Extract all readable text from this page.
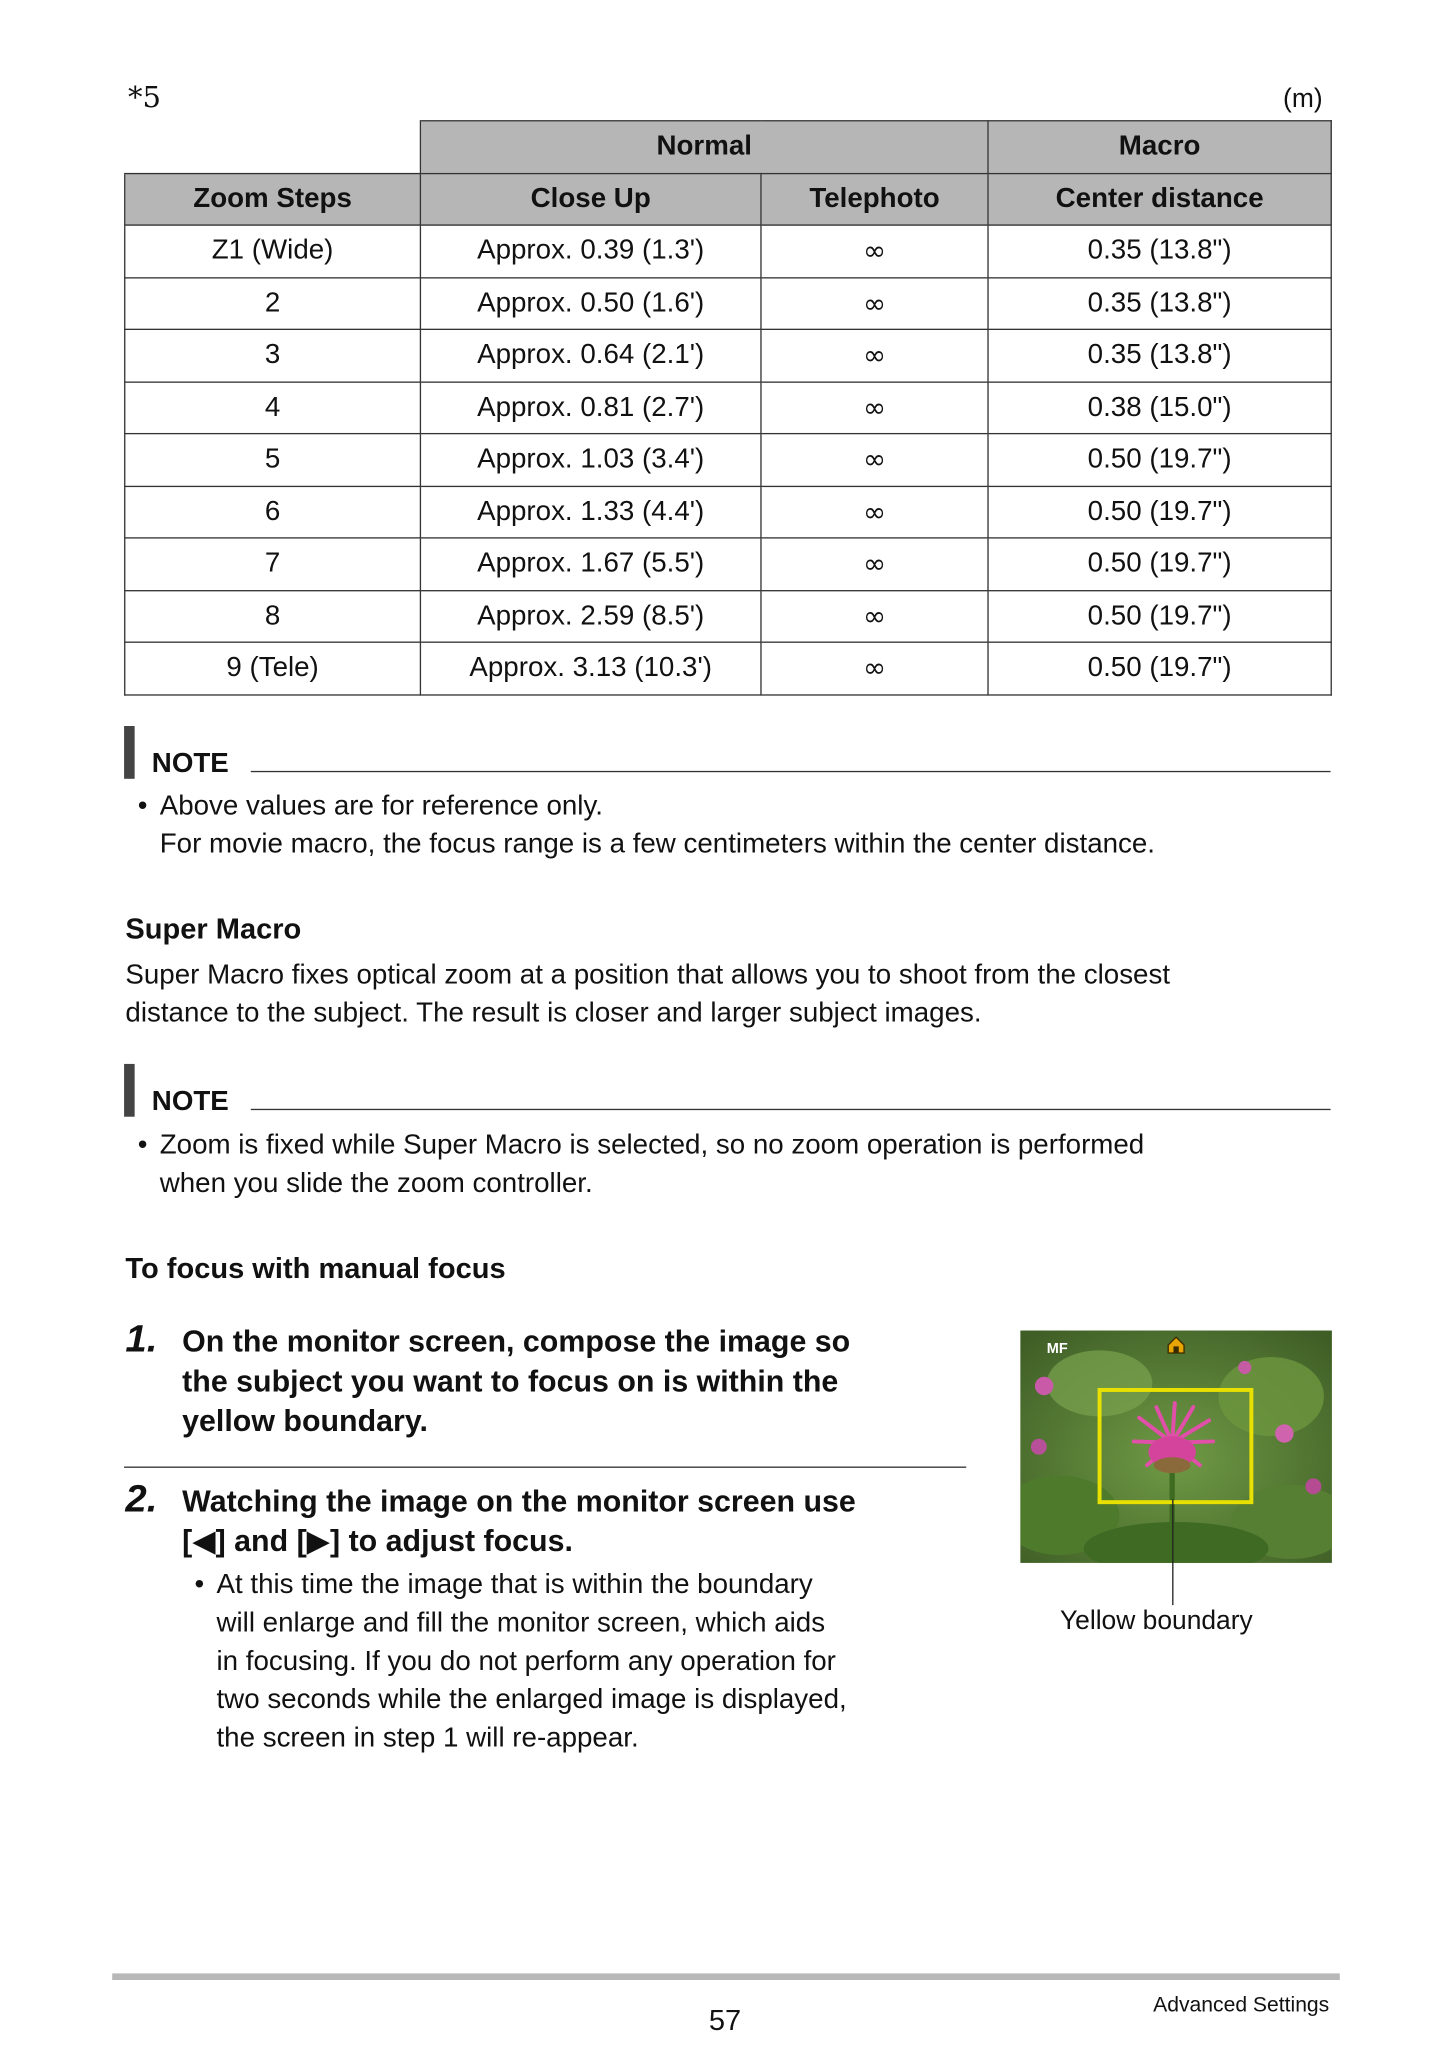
*5	(m)
	Normal		Macro
Zoom Steps	Close Up	Telephoto	Center distance
Z1 (Wide)	Approx. 0.39 (1.3')	∞	0.35 (13.8")
2	Approx. 0.50 (1.6')	∞	0.35 (13.8")
3	Approx. 0.64 (2.1')	∞	0.35 (13.8")
4	Approx. 0.81 (2.7')	∞	0.38 (15.0")
5	Approx. 1.03 (3.4')	∞	0.50 (19.7")
6	Approx. 1.33 (4.4')	∞	0.50 (19.7")
7	Approx. 1.67 (5.5')	∞	0.50 (19.7")
8	Approx. 2.59 (8.5')	∞	0.50 (19.7")
9 (Tele)	Approx. 3.13 (10.3')	∞	0.50 (19.7")
NOTE
• Above values are for reference only.
For movie macro, the focus range is a few centimeters within the center distance.
Super Macro
Super Macro fixes optical zoom at a position that allows you to shoot from the closest
distance to the subject. The result is closer and larger subject images.
NOTE
• Zoom is fixed while Super Macro is selected, so no zoom operation is performed
when you slide the zoom controller.
To focus with manual focus
1.	On the monitor screen, compose the image so
the subject you want to focus on is within the
yellow boundary.
2.	Watching the image on the monitor screen use
[◀] and [▶] to adjust focus.
• At this time the image that is within the boundary
will enlarge and fill the monitor screen, which aids
in focusing. If you do not perform any operation for
two seconds while the enlarged image is displayed,
the screen in step 1 will re-appear.
MF
Yellow boundary
57	Advanced Settings
